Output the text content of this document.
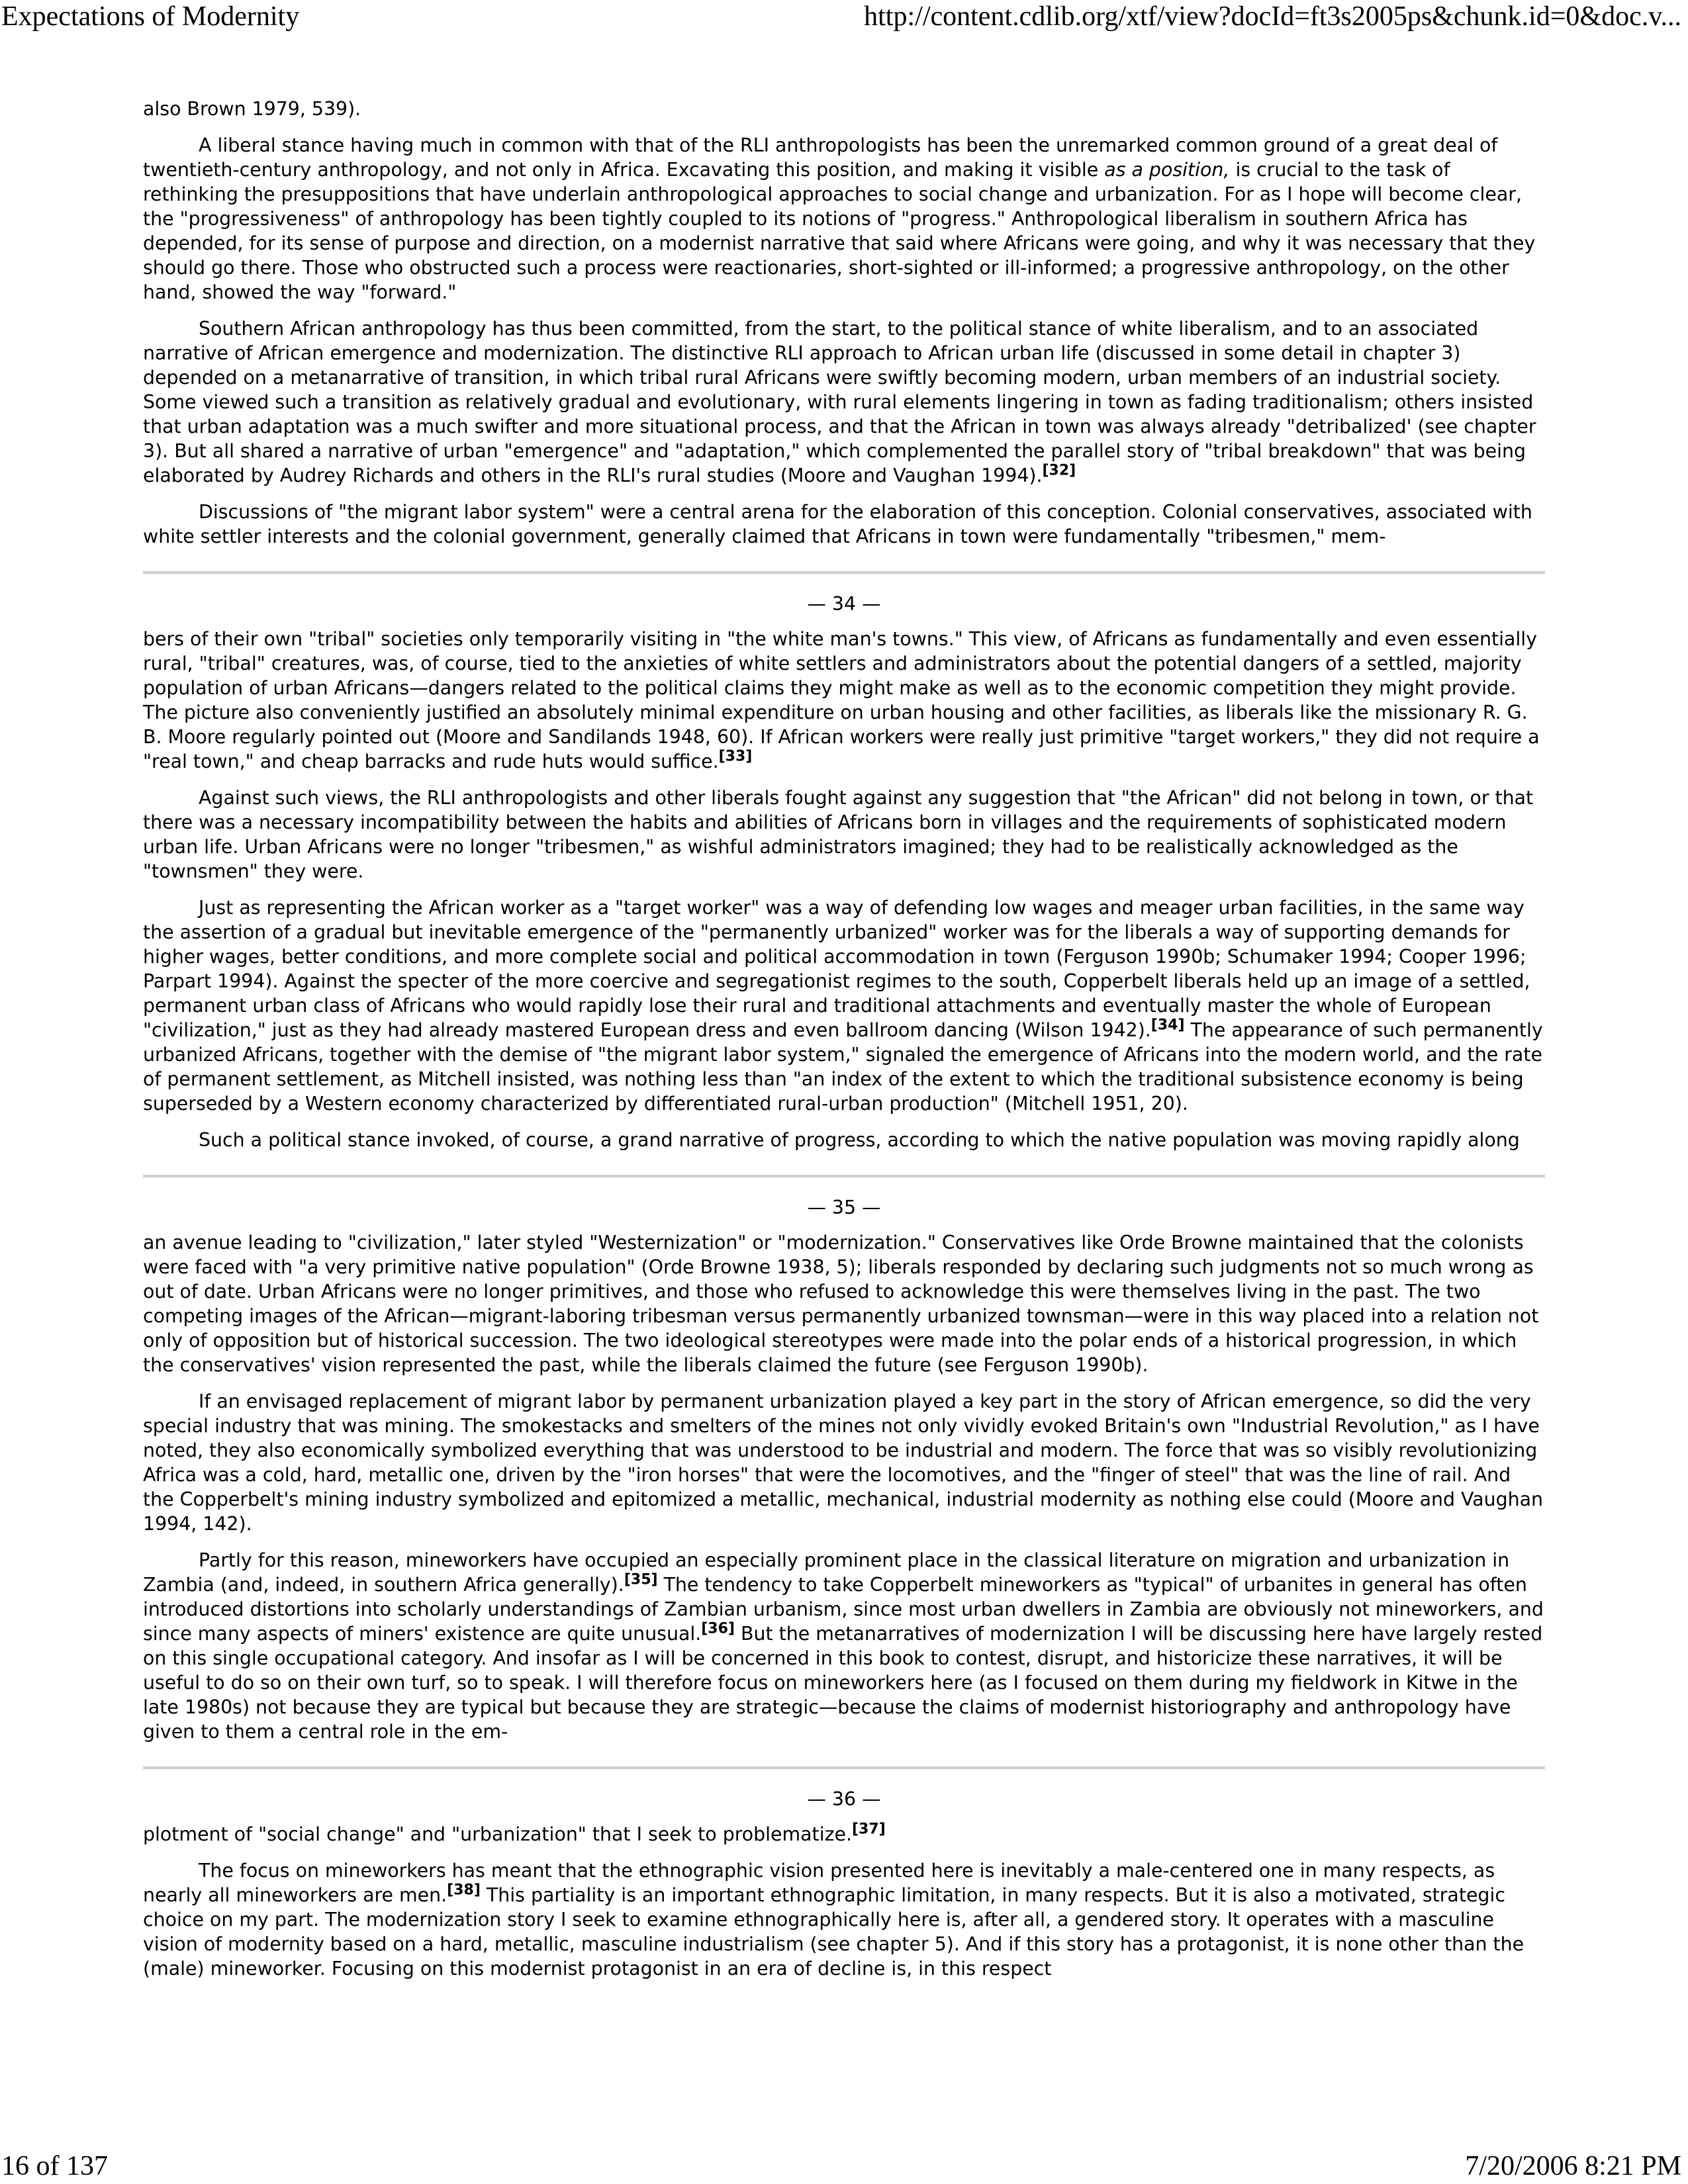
Expectations of Modernity	http://content.cdlib.org/xtf/view?docId=ft3s2005ps&chunk.id=0&doc.v...

also Brown 1979, 539).

A liberal stance having much in common with that of the RLI anthropologists has been the unremarked common ground of a great deal of twentieth-century anthropology, and not only in Africa. Excavating this position, and making it visible as a position, is crucial to the task of rethinking the presuppositions that have underlain anthropological approaches to social change and urbanization. For as I hope will become clear, the "progressiveness" of anthropology has been tightly coupled to its notions of "progress." Anthropological liberalism in southern Africa has depended, for its sense of purpose and direction, on a modernist narrative that said where Africans were going, and why it was necessary that they should go there. Those who obstructed such a process were reactionaries, short-sighted or ill-informed; a progressive anthropology, on the other hand, showed the way "forward."

Southern African anthropology has thus been committed, from the start, to the political stance of white liberalism, and to an associated narrative of African emergence and modernization. The distinctive RLI approach to African urban life (discussed in some detail in chapter 3) depended on a metanarrative of transition, in which tribal rural Africans were swiftly becoming modern, urban members of an industrial society. Some viewed such a transition as relatively gradual and evolutionary, with rural elements lingering in town as fading traditionalism; others insisted that urban adaptation was a much swifter and more situational process, and that the African in town was always already "detribalized' (see chapter 3). But all shared a narrative of urban "emergence" and "adaptation," which complemented the parallel story of "tribal breakdown" that was being elaborated by Audrey Richards and others in the RLI's rural studies (Moore and Vaughan 1994).[32]

Discussions of "the migrant labor system" were a central arena for the elaboration of this conception. Colonial conservatives, associated with white settler interests and the colonial government, generally claimed that Africans in town were fundamentally "tribesmen," mem-

— 34 —

bers of their own "tribal" societies only temporarily visiting in "the white man's towns." This view, of Africans as fundamentally and even essentially rural, "tribal" creatures, was, of course, tied to the anxieties of white settlers and administrators about the potential dangers of a settled, majority population of urban Africans—dangers related to the political claims they might make as well as to the economic competition they might provide. The picture also conveniently justified an absolutely minimal expenditure on urban housing and other facilities, as liberals like the missionary R. G. B. Moore regularly pointed out (Moore and Sandilands 1948, 60). If African workers were really just primitive "target workers," they did not require a "real town," and cheap barracks and rude huts would suffice.[33]

Against such views, the RLI anthropologists and other liberals fought against any suggestion that "the African" did not belong in town, or that there was a necessary incompatibility between the habits and abilities of Africans born in villages and the requirements of sophisticated modern urban life. Urban Africans were no longer "tribesmen," as wishful administrators imagined; they had to be realistically acknowledged as the "townsmen" they were.

Just as representing the African worker as a "target worker" was a way of defending low wages and meager urban facilities, in the same way the assertion of a gradual but inevitable emergence of the "permanently urbanized" worker was for the liberals a way of supporting demands for higher wages, better conditions, and more complete social and political accommodation in town (Ferguson 1990b; Schumaker 1994; Cooper 1996; Parpart 1994). Against the specter of the more coercive and segregationist regimes to the south, Copperbelt liberals held up an image of a settled, permanent urban class of Africans who would rapidly lose their rural and traditional attachments and eventually master the whole of European "civilization," just as they had already mastered European dress and even ballroom dancing (Wilson 1942).[34] The appearance of such permanently urbanized Africans, together with the demise of "the migrant labor system," signaled the emergence of Africans into the modern world, and the rate of permanent settlement, as Mitchell insisted, was nothing less than "an index of the extent to which the traditional subsistence economy is being superseded by a Western economy characterized by differentiated rural-urban production" (Mitchell 1951, 20).

Such a political stance invoked, of course, a grand narrative of progress, according to which the native population was moving rapidly along

— 35 —

an avenue leading to "civilization," later styled "Westernization" or "modernization." Conservatives like Orde Browne maintained that the colonists were faced with "a very primitive native population" (Orde Browne 1938, 5); liberals responded by declaring such judgments not so much wrong as out of date. Urban Africans were no longer primitives, and those who refused to acknowledge this were themselves living in the past. The two competing images of the African—migrant-laboring tribesman versus permanently urbanized townsman—were in this way placed into a relation not only of opposition but of historical succession. The two ideological stereotypes were made into the polar ends of a historical progression, in which the conservatives' vision represented the past, while the liberals claimed the future (see Ferguson 1990b).

If an envisaged replacement of migrant labor by permanent urbanization played a key part in the story of African emergence, so did the very special industry that was mining. The smokestacks and smelters of the mines not only vividly evoked Britain's own "Industrial Revolution," as I have noted, they also economically symbolized everything that was understood to be industrial and modern. The force that was so visibly revolutionizing Africa was a cold, hard, metallic one, driven by the "iron horses" that were the locomotives, and the "finger of steel" that was the line of rail. And the Copperbelt's mining industry symbolized and epitomized a metallic, mechanical, industrial modernity as nothing else could (Moore and Vaughan 1994, 142).

Partly for this reason, mineworkers have occupied an especially prominent place in the classical literature on migration and urbanization in Zambia (and, indeed, in southern Africa generally).[35] The tendency to take Copperbelt mineworkers as "typical" of urbanites in general has often introduced distortions into scholarly understandings of Zambian urbanism, since most urban dwellers in Zambia are obviously not mineworkers, and since many aspects of miners' existence are quite unusual.[36] But the metanarratives of modernization I will be discussing here have largely rested on this single occupational category. And insofar as I will be concerned in this book to contest, disrupt, and historicize these narratives, it will be useful to do so on their own turf, so to speak. I will therefore focus on mineworkers here (as I focused on them during my fieldwork in Kitwe in the late 1980s) not because they are typical but because they are strategic—because the claims of modernist historiography and anthropology have given to them a central role in the em-

— 36 —

plotment of "social change" and "urbanization" that I seek to problematize.[37]

The focus on mineworkers has meant that the ethnographic vision presented here is inevitably a male-centered one in many respects, as nearly all mineworkers are men.[38] This partiality is an important ethnographic limitation, in many respects. But it is also a motivated, strategic choice on my part. The modernization story I seek to examine ethnographically here is, after all, a gendered story. It operates with a masculine vision of modernity based on a hard, metallic, masculine industrialism (see chapter 5). And if this story has a protagonist, it is none other than the (male) mineworker. Focusing on this modernist protagonist in an era of decline is, in this respect

16 of 137	7/20/2006 8:21 PM
